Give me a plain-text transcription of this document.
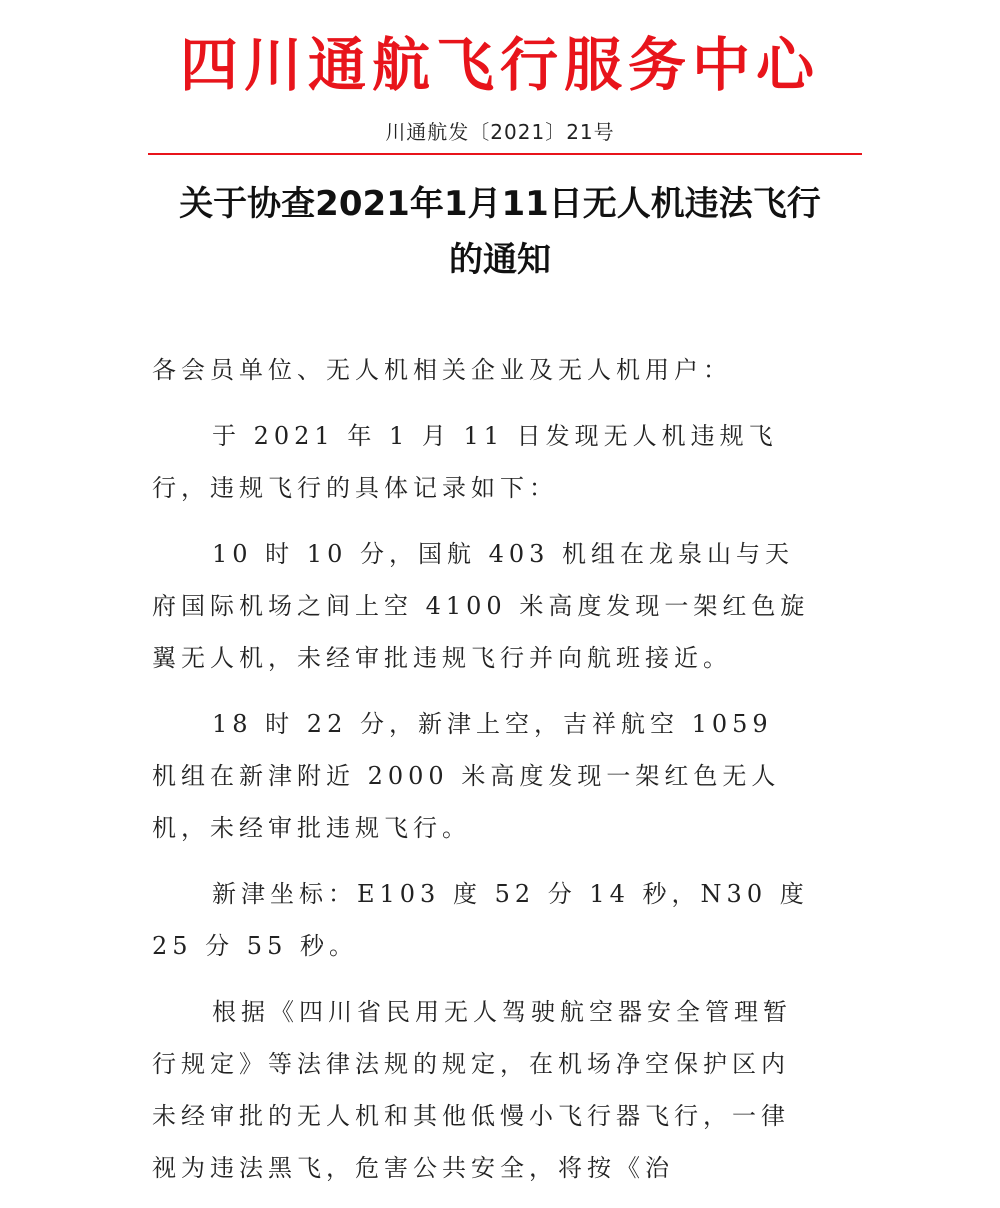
四川通航飞行服务中心
川通航发〔2021〕21号
关于协查2021年1月11日无人机违法飞行
的通知

各会员单位、无人机相关企业及无人机用户：

于 2021 年 1 月 11 日发现无人机违规飞行，违规飞行的具体记录如下：

10 时 10 分，国航 403 机组在龙泉山与天府国际机场之间上空 4100 米高度发现一架红色旋翼无人机，未经审批违规飞行并向航班接近。

18 时 22 分，新津上空，吉祥航空 1059 机组在新津附近 2000 米高度发现一架红色无人机，未经审批违规飞行。

新津坐标：E103 度 52 分 14 秒，N30 度 25 分 55 秒。

根据《四川省民用无人驾驶航空器安全管理暂行规定》等法律法规的规定，在机场净空保护区内未经审批的无人机和其他低慢小飞行器飞行，一律视为违法黑飞，危害公共安全，将按《治
